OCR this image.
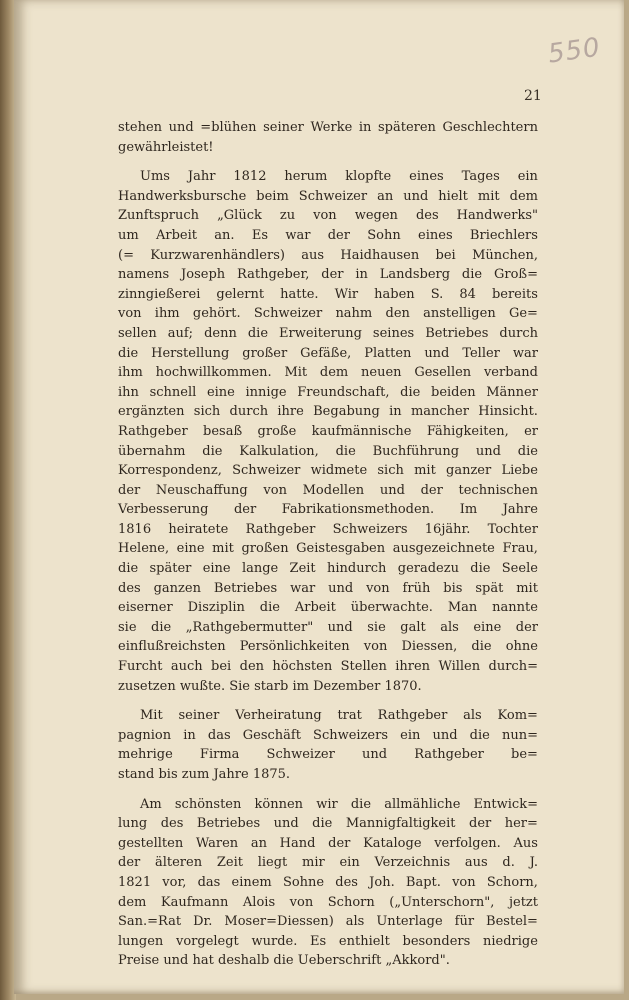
550
21
stehen und =blühen seiner Werke in späteren Geschlechtern
gewährleistet!
Ums Jahr 1812 herum klopfte eines Tages ein
Handwerksbursche beim Schweizer an und hielt mit dem
Zunftspruch „Glück zu von wegen des Handwerks"
um Arbeit an. Es war der Sohn eines Briechlers
(= Kurzwarenhändlers) aus Haidhausen bei München,
namens Joseph Rathgeber, der in Landsberg die Groß=
zinngießerei gelernt hatte. Wir haben S. 84 bereits
von ihm gehört. Schweizer nahm den anstelligen Ge=
sellen auf; denn die Erweiterung seines Betriebes durch
die Herstellung großer Gefäße, Platten und Teller war
ihm hochwillkommen. Mit dem neuen Gesellen verband
ihn schnell eine innige Freundschaft, die beiden Männer
ergänzten sich durch ihre Begabung in mancher Hinsicht.
Rathgeber besaß große kaufmännische Fähigkeiten, er
übernahm die Kalkulation, die Buchführung und die
Korrespondenz, Schweizer widmete sich mit ganzer Liebe
der Neuschaffung von Modellen und der technischen
Verbesserung der Fabrikationsmethoden. Im Jahre
1816 heiratete Rathgeber Schweizers 16jähr. Tochter
Helene, eine mit großen Geistesgaben ausgezeichnete Frau,
die später eine lange Zeit hindurch geradezu die Seele
des ganzen Betriebes war und von früh bis spät mit
eiserner Disziplin die Arbeit überwachte. Man nannte
sie die „Rathgebermutter" und sie galt als eine der
einflußreichsten Persönlichkeiten von Diessen, die ohne
Furcht auch bei den höchsten Stellen ihren Willen durch=
zusetzen wußte. Sie starb im Dezember 1870.
Mit seiner Verheiratung trat Rathgeber als Kom=
pagnion in das Geschäft Schweizers ein und die nun=
mehrige Firma Schweizer und Rathgeber be=
stand bis zum Jahre 1875.
Am schönsten können wir die allmähliche Entwick=
lung des Betriebes und die Mannigfaltigkeit der her=
gestellten Waren an Hand der Kataloge verfolgen. Aus
der älteren Zeit liegt mir ein Verzeichnis aus d. J.
1821 vor, das einem Sohne des Joh. Bapt. von Schorn,
dem Kaufmann Alois von Schorn („Unterschorn", jetzt
San.=Rat Dr. Moser=Diessen) als Unterlage für Bestel=
lungen vorgelegt wurde. Es enthielt besonders niedrige
Preise und hat deshalb die Ueberschrift „Akkord".
